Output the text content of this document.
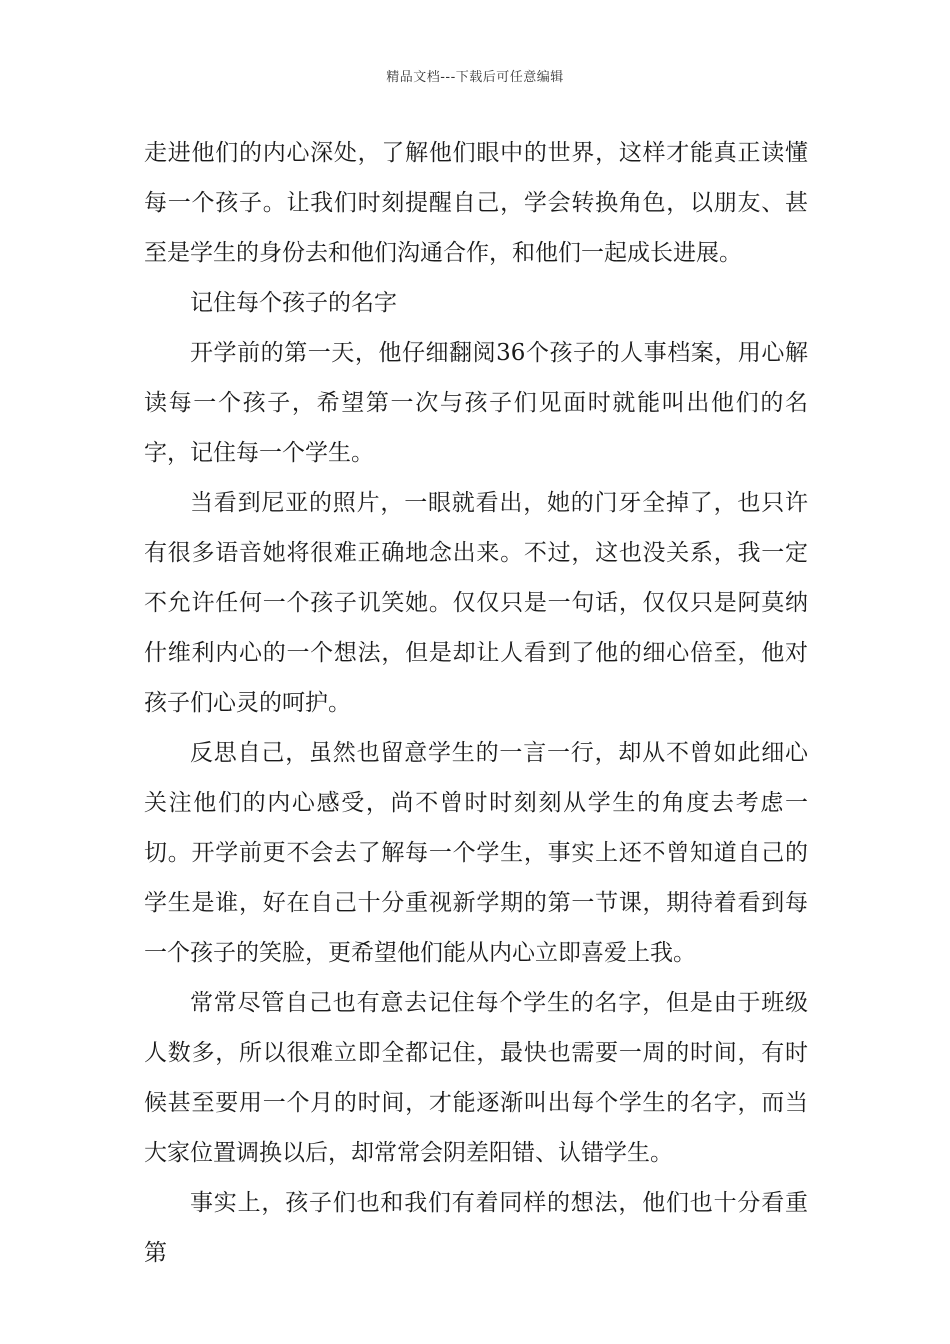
精品文档---下载后可任意编辑

走进他们的内心深处，了解他们眼中的世界，这样才能真正读懂每一个孩子。让我们时刻提醒自己，学会转换角色，以朋友、甚至是学生的身份去和他们沟通合作，和他们一起成长进展。

记住每个孩子的名字

开学前的第一天，他仔细翻阅36个孩子的人事档案，用心解读每一个孩子，希望第一次与孩子们见面时就能叫出他们的名字，记住每一个学生。

当看到尼亚的照片，一眼就看出，她的门牙全掉了，也只许有很多语音她将很难正确地念出来。不过，这也没关系，我一定不允许任何一个孩子讥笑她。仅仅只是一句话，仅仅只是阿莫纳什维利内心的一个想法，但是却让人看到了他的细心倍至，他对孩子们心灵的呵护。

反思自己，虽然也留意学生的一言一行，却从不曾如此细心关注他们的内心感受，尚不曾时时刻刻从学生的角度去考虑一切。开学前更不会去了解每一个学生，事实上还不曾知道自己的学生是谁，好在自己十分重视新学期的第一节课，期待着看到每一个孩子的笑脸，更希望他们能从内心立即喜爱上我。

常常尽管自己也有意去记住每个学生的名字，但是由于班级人数多，所以很难立即全都记住，最快也需要一周的时间，有时候甚至要用一个月的时间，才能逐渐叫出每个学生的名字，而当大家位置调换以后，却常常会阴差阳错、认错学生。

事实上，孩子们也和我们有着同样的想法，他们也十分看重第
